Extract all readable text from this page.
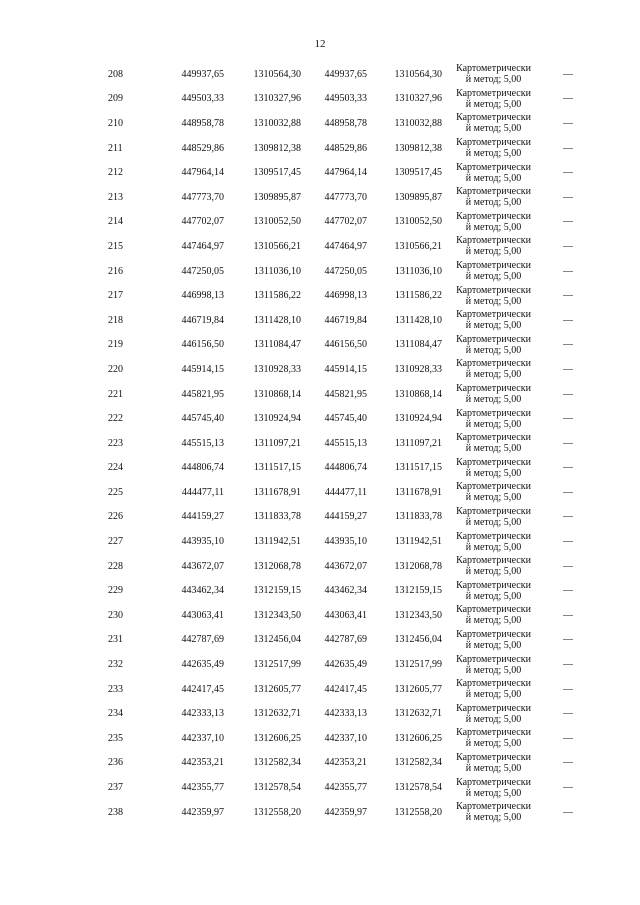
12
208	449937,65	1310564,30	449937,65	1310564,30	Картометрически
й метод; 5,00	—
209	449503,33	1310327,96	449503,33	1310327,96	Картометрически
й метод; 5,00	—
210	448958,78	1310032,88	448958,78	1310032,88	Картометрически
й метод; 5,00	—
211	448529,86	1309812,38	448529,86	1309812,38	Картометрически
й метод; 5,00	—
212	447964,14	1309517,45	447964,14	1309517,45	Картометрически
й метод; 5,00	—
213	447773,70	1309895,87	447773,70	1309895,87	Картометрически
й метод; 5,00	—
214	447702,07	1310052,50	447702,07	1310052,50	Картометрически
й метод; 5,00	—
215	447464,97	1310566,21	447464,97	1310566,21	Картометрически
й метод; 5,00	—
216	447250,05	1311036,10	447250,05	1311036,10	Картометрически
й метод; 5,00	—
217	446998,13	1311586,22	446998,13	1311586,22	Картометрически
й метод; 5,00	—
218	446719,84	1311428,10	446719,84	1311428,10	Картометрически
й метод; 5,00	—
219	446156,50	1311084,47	446156,50	1311084,47	Картометрически
й метод; 5,00	—
220	445914,15	1310928,33	445914,15	1310928,33	Картометрически
й метод; 5,00	—
221	445821,95	1310868,14	445821,95	1310868,14	Картометрически
й метод; 5,00	—
222	445745,40	1310924,94	445745,40	1310924,94	Картометрически
й метод; 5,00	—
223	445515,13	1311097,21	445515,13	1311097,21	Картометрически
й метод; 5,00	—
224	444806,74	1311517,15	444806,74	1311517,15	Картометрически
й метод; 5,00	—
225	444477,11	1311678,91	444477,11	1311678,91	Картометрически
й метод; 5,00	—
226	444159,27	1311833,78	444159,27	1311833,78	Картометрически
й метод; 5,00	—
227	443935,10	1311942,51	443935,10	1311942,51	Картометрически
й метод; 5,00	—
228	443672,07	1312068,78	443672,07	1312068,78	Картометрически
й метод; 5,00	—
229	443462,34	1312159,15	443462,34	1312159,15	Картометрически
й метод; 5,00	—
230	443063,41	1312343,50	443063,41	1312343,50	Картометрически
й метод; 5,00	—
231	442787,69	1312456,04	442787,69	1312456,04	Картометрически
й метод; 5,00	—
232	442635,49	1312517,99	442635,49	1312517,99	Картометрически
й метод; 5,00	—
233	442417,45	1312605,77	442417,45	1312605,77	Картометрически
й метод; 5,00	—
234	442333,13	1312632,71	442333,13	1312632,71	Картометрически
й метод; 5,00	—
235	442337,10	1312606,25	442337,10	1312606,25	Картометрически
й метод; 5,00	—
236	442353,21	1312582,34	442353,21	1312582,34	Картометрически
й метод; 5,00	—
237	442355,77	1312578,54	442355,77	1312578,54	Картометрически
й метод; 5,00	—
238	442359,97	1312558,20	442359,97	1312558,20	Картометрически
й метод; 5,00	—
